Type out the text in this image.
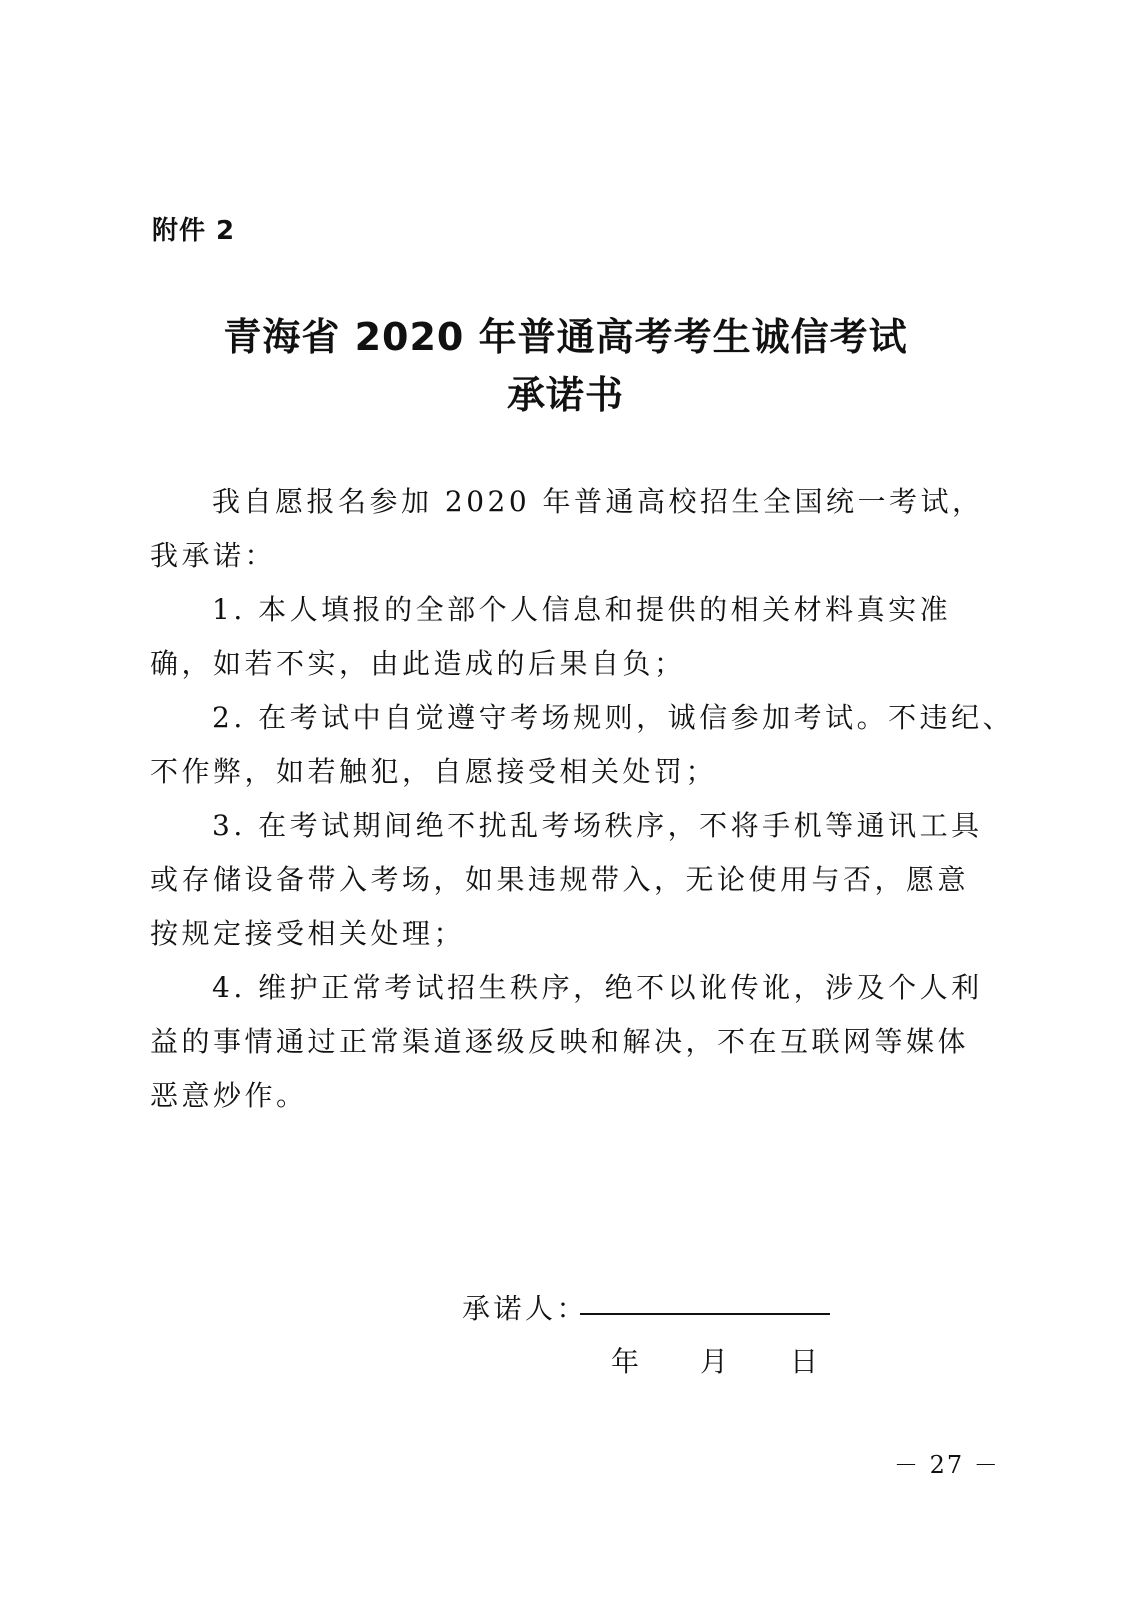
附件 2
青海省 2020 年普通高考考生诚信考试
承诺书
我自愿报名参加 2020 年普通高校招生全国统一考试，
我承诺：
1. 本人填报的全部个人信息和提供的相关材料真实准
确，如若不实，由此造成的后果自负；
2. 在考试中自觉遵守考场规则，诚信参加考试。不违纪、
不作弊，如若触犯，自愿接受相关处罚；
3. 在考试期间绝不扰乱考场秩序，不将手机等通讯工具
或存储设备带入考场，如果违规带入，无论使用与否，愿意
按规定接受相关处理；
4. 维护正常考试招生秩序，绝不以讹传讹，涉及个人利
益的事情通过正常渠道逐级反映和解决，不在互联网等媒体
恶意炒作。
承诺人：
年 月 日
－ 27 －
